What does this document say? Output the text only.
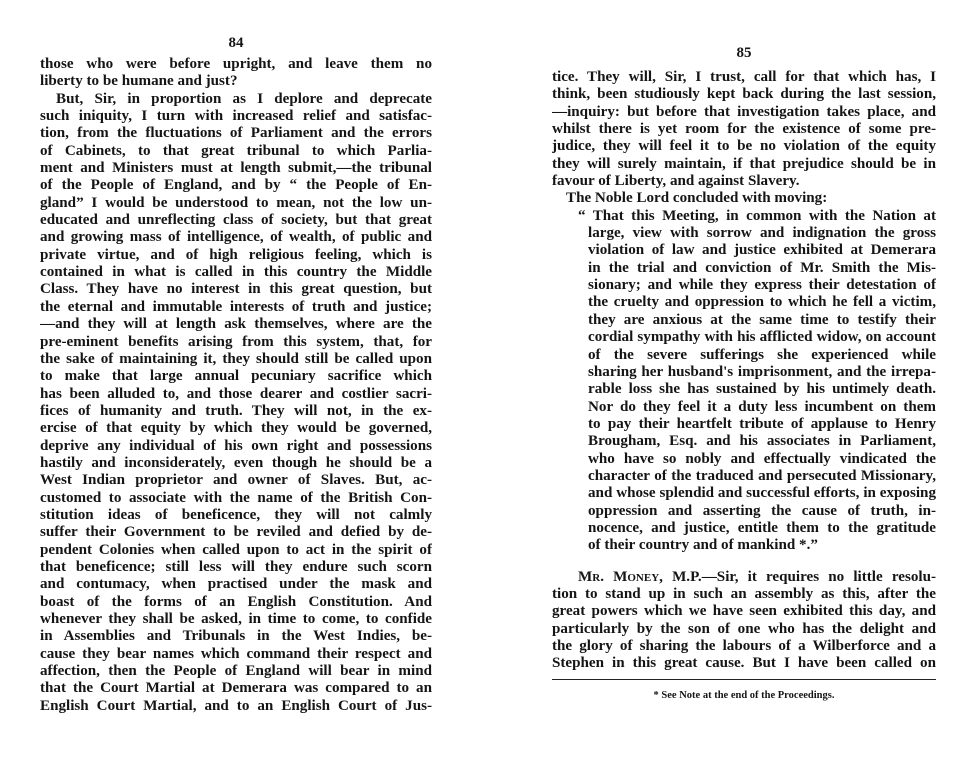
84
those who were before upright, and leave them no
liberty to be humane and just?
But, Sir, in proportion as I deplore and deprecate
such iniquity, I turn with increased relief and satisfac-
tion, from the fluctuations of Parliament and the errors
of Cabinets, to that great tribunal to which Parlia-
ment and Ministers must at length submit,—the tribunal
of the People of England, and by “ the People of En-
gland” I would be understood to mean, not the low un-
educated and unreflecting class of society, but that great
and growing mass of intelligence, of wealth, of public and
private virtue, and of high religious feeling, which is
contained in what is called in this country the Middle
Class. They have no interest in this great question, but
the eternal and immutable interests of truth and justice;
—and they will at length ask themselves, where are the
pre-eminent benefits arising from this system, that, for
the sake of maintaining it, they should still be called upon
to make that large annual pecuniary sacrifice which
has been alluded to, and those dearer and costlier sacri-
fices of humanity and truth. They will not, in the ex-
ercise of that equity by which they would be governed,
deprive any individual of his own right and possessions
hastily and inconsiderately, even though he should be a
West Indian proprietor and owner of Slaves. But, ac-
customed to associate with the name of the British Con-
stitution ideas of beneficence, they will not calmly
suffer their Government to be reviled and defied by de-
pendent Colonies when called upon to act in the spirit of
that beneficence; still less will they endure such scorn
and contumacy, when practised under the mask and
boast of the forms of an English Constitution. And
whenever they shall be asked, in time to come, to confide
in Assemblies and Tribunals in the West Indies, be-
cause they bear names which command their respect and
affection, then the People of England will bear in mind
that the Court Martial at Demerara was compared to an
English Court Martial, and to an English Court of Jus-
85
tice. They will, Sir, I trust, call for that which has, I
think, been studiously kept back during the last session,
—inquiry: but before that investigation takes place, and
whilst there is yet room for the existence of some pre-
judice, they will feel it to be no violation of the equity
they will surely maintain, if that prejudice should be in
favour of Liberty, and against Slavery.
The Noble Lord concluded with moving:
“ That this Meeting, in common with the Nation at
large, view with sorrow and indignation the gross
violation of law and justice exhibited at Demerara
in the trial and conviction of Mr. Smith the Mis-
sionary; and while they express their detestation of
the cruelty and oppression to which he fell a victim,
they are anxious at the same time to testify their
cordial sympathy with his afflicted widow, on account
of the severe sufferings she experienced while
sharing her husband's imprisonment, and the irrepa-
rable loss she has sustained by his untimely death.
Nor do they feel it a duty less incumbent on them
to pay their heartfelt tribute of applause to Henry
Brougham, Esq. and his associates in Parliament,
who have so nobly and effectually vindicated the
character of the traduced and persecuted Missionary,
and whose splendid and successful efforts, in exposing
oppression and asserting the cause of truth, in-
nocence, and justice, entitle them to the gratitude
of their country and of mankind *.”
Mr. Money, M.P.—Sir, it requires no little resolu-
tion to stand up in such an assembly as this, after the
great powers which we have seen exhibited this day, and
particularly by the son of one who has the delight and
the glory of sharing the labours of a Wilberforce and a
Stephen in this great cause. But I have been called on
* See Note at the end of the Proceedings.
